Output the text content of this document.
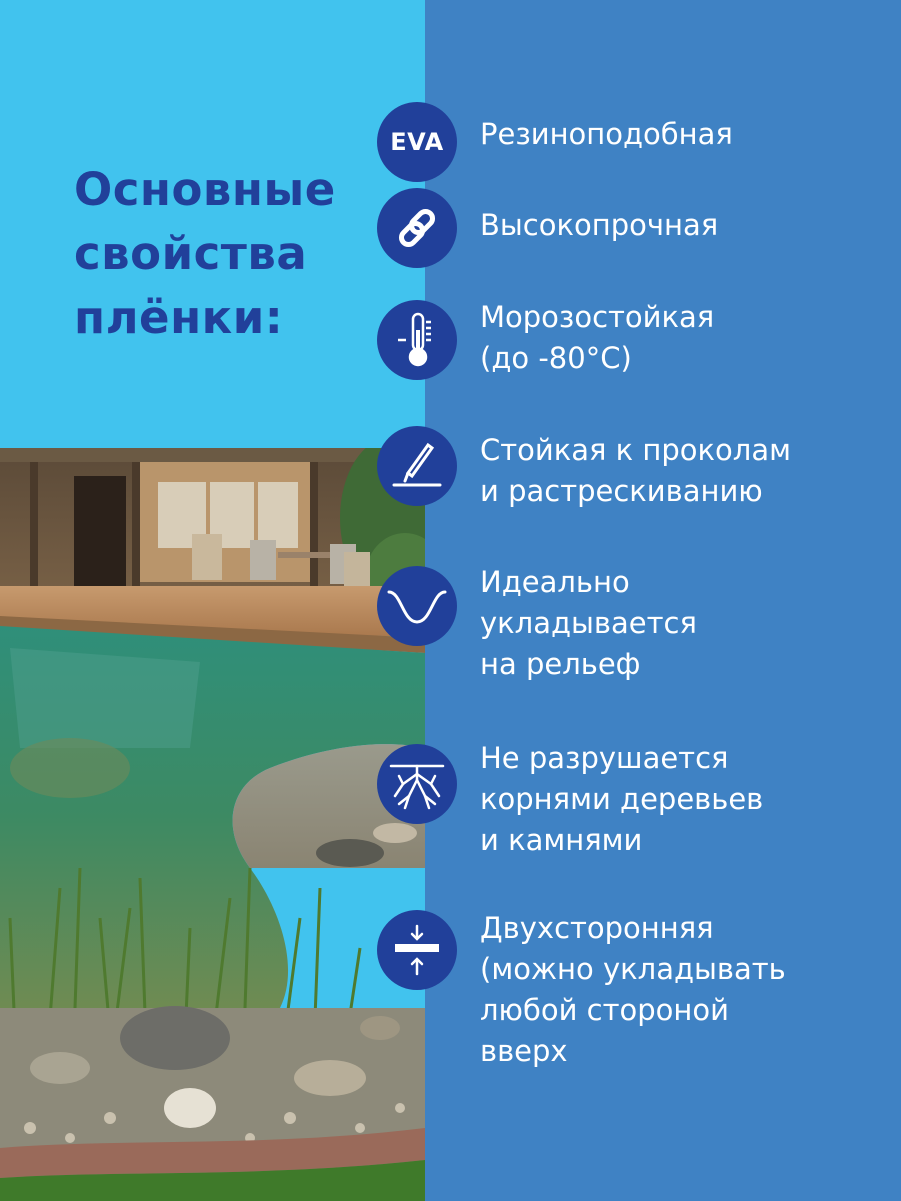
Основные
свойства
плёнки:
EVA Резиноподобная
Высокопрочная
Морозостойкая
(до -80°C)
Стойкая к проколам
и растрескиванию
Идеально
укладывается
на рельеф
Не разрушается
корнями деревьев
и камнями
Двухсторонняя
(можно укладывать
любой стороной
вверх
